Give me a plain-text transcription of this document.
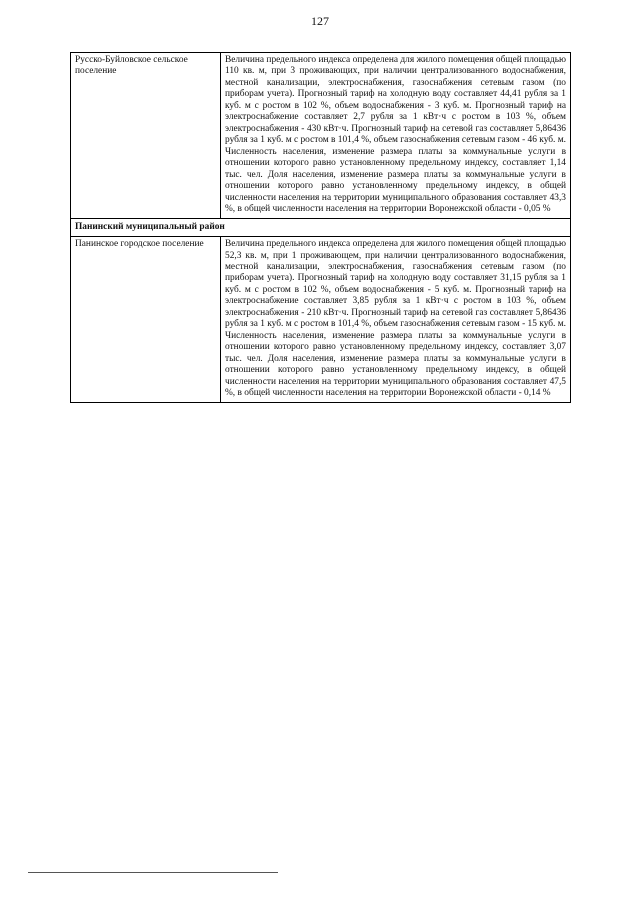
127
Русско-Буйловское сельское поселение	Величина предельного индекса определена для жилого помещения общей площадью 110 кв. м, при 3 проживающих, при наличии централизованного водоснабжения, местной канализации, электроснабжения, газоснабжения сетевым газом (по приборам учета). Прогнозный тариф на холодную воду составляет 44,41 рубля за 1 куб. м с ростом в 102 %, объем водоснабжения - 3 куб. м. Прогнозный тариф на электроснабжение составляет 2,7 рубля за 1 кВт·ч с ростом в 103 %, объем электроснабжения - 430 кВт·ч. Прогнозный тариф на сетевой газ составляет 5,86436 рубля за 1 куб. м с ростом в 101,4 %, объем газоснабжения сетевым газом - 46 куб. м. Численность населения, изменение размера платы за коммунальные услуги в отношении которого равно установленному предельному индексу, составляет 1,14 тыс. чел. Доля населения, изменение размера платы за коммунальные услуги в отношении которого равно установленному предельному индексу, в общей численности населения на территории муниципального образования составляет 43,3 %, в общей численности населения на территории Воронежской области - 0,05 %
Панинский муниципальный район	
Панинское городское поселение	Величина предельного индекса определена для жилого помещения общей площадью 52,3 кв. м, при 1 проживающем, при наличии централизованного водоснабжения, местной канализации, электроснабжения, газоснабжения сетевым газом (по приборам учета). Прогнозный тариф на холодную воду составляет 31,15 рубля за 1 куб. м с ростом в 102 %, объем водоснабжения - 5 куб. м. Прогнозный тариф на электроснабжение составляет 3,85 рубля за 1 кВт·ч с ростом в 103 %, объем электроснабжения - 210 кВт·ч. Прогнозный тариф на сетевой газ составляет 5,86436 рубля за 1 куб. м с ростом в 101,4 %, объем газоснабжения сетевым газом - 15 куб. м. Численность населения, изменение размера платы за коммунальные услуги в отношении которого равно установленному предельному индексу, составляет 3,07 тыс. чел. Доля населения, изменение размера платы за коммунальные услуги в отношении которого равно установленному предельному индексу, в общей численности населения на территории муниципального образования составляет 47,5 %, в общей численности населения на территории Воронежской области - 0,14 %
